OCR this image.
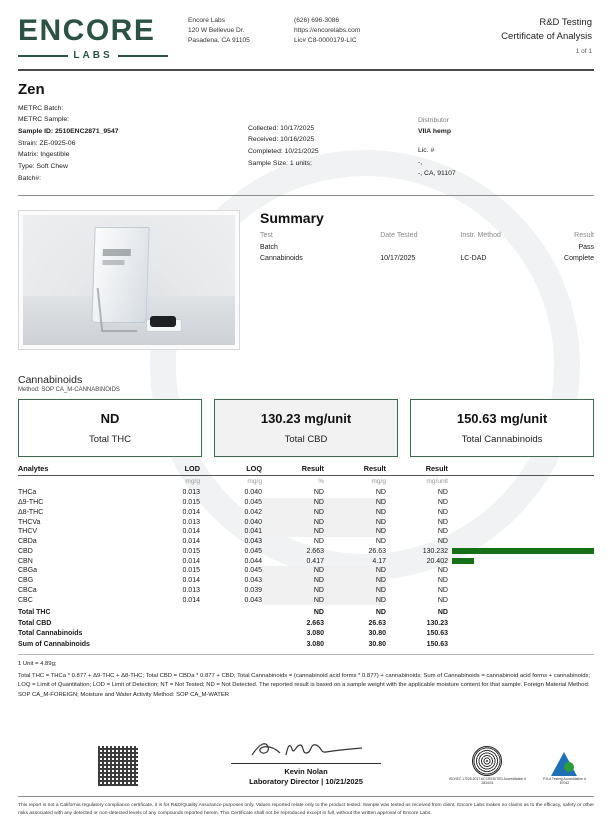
ENCORE
LABS
Encore Labs
120 W Bellevue Dr.
Pasadena, CA 91105
(626) 696-3086
https://encorelabs.com
Lic# C8-0000179-LIC
R&D Testing
Certificate of Analysis
1 of 1
Zen
METRC Batch:
METRC Sample:
Sample ID: 2510ENC2871_9547
Strain: ZE-0925-06
Matrix: Ingestible
Type: Soft Chew
Batch#:
Collected: 10/17/2025
Received: 10/16/2025
Completed: 10/21/2025
Sample Size: 1 units;
Distributor
VIIA hemp
Lic. #
-,
-, CA, 91107
Summary
Test	Date Tested	Instr. Method	Result
Batch			Pass
Cannabinoids	10/17/2025	LC-DAD	Complete
Cannabinoids
Method: SOP CA_M-CANNABINOIDS
ND
Total THC
130.23 mg/unit
Total CBD
150.63 mg/unit
Total Cannabinoids
Analytes	LOD	LOQ	Result	Result	Result	
	mg/g	mg/g	%	mg/g	mg/unit	
THCa	0.013	0.040	ND	ND	ND	
Δ9-THC	0.015	0.045	ND	ND	ND	
Δ8-THC	0.014	0.042	ND	ND	ND	
THCVa	0.013	0.040	ND	ND	ND	
THCV	0.014	0.041	ND	ND	ND	
CBDa	0.014	0.043	ND	ND	ND	
CBD	0.015	0.045	2.663	26.63	130.232	

CBN	0.014	0.044	0.417	4.17	20.402	

CBGa	0.015	0.045	ND	ND	ND	
CBG	0.014	0.043	ND	ND	ND	
CBCa	0.013	0.039	ND	ND	ND	
CBC	0.014	0.043	ND	ND	ND	
Total THC			ND	ND	ND	
Total CBD			2.663	26.63	130.23	
Total Cannabinoids			3.080	30.80	150.63	
Sum of Cannabinoids			3.080	30.80	150.63	
1 Unit = 4.89g;
Total THC = THCa * 0.877 + Δ9-THC + Δ8-THC; Total CBD = CBDa * 0.877 + CBD; Total Cannabinoids = (cannabinoid acid forms * 0.877) + cannabinoids; Sum of Cannabinoids = cannabinoid acid forms + cannabinoids; LOQ = Limit of Quantitation; LOD = Limit of Detection; NT = Not Tested; ND = Not Detected. The reported result is based on a sample weight with the applicable moisture content for that sample. Foreign Material Method: SOP CA_M-FOREIGN; Moisture and Water Activity Method: SOP CA_M-WATER
Kevin Nolan
Laboratory Director | 10/21/2025	ISO/IEC 17025:2017 ACCREDITED Accreditation # 2834/01
PJLA Testing Accreditation # 87042
This report is not a California regulatory compliance certificate, it is for R&D/Quality Assurance purposes only. Values reported relate only to the product tested. Sample was tested as received from client. Encore Labs makes no claims as to the efficacy, safety or other risks associated with any detected or non-detected levels of any compounds reported herein. This Certificate shall not be reproduced except in full, without the written approval of Encore Labs.
